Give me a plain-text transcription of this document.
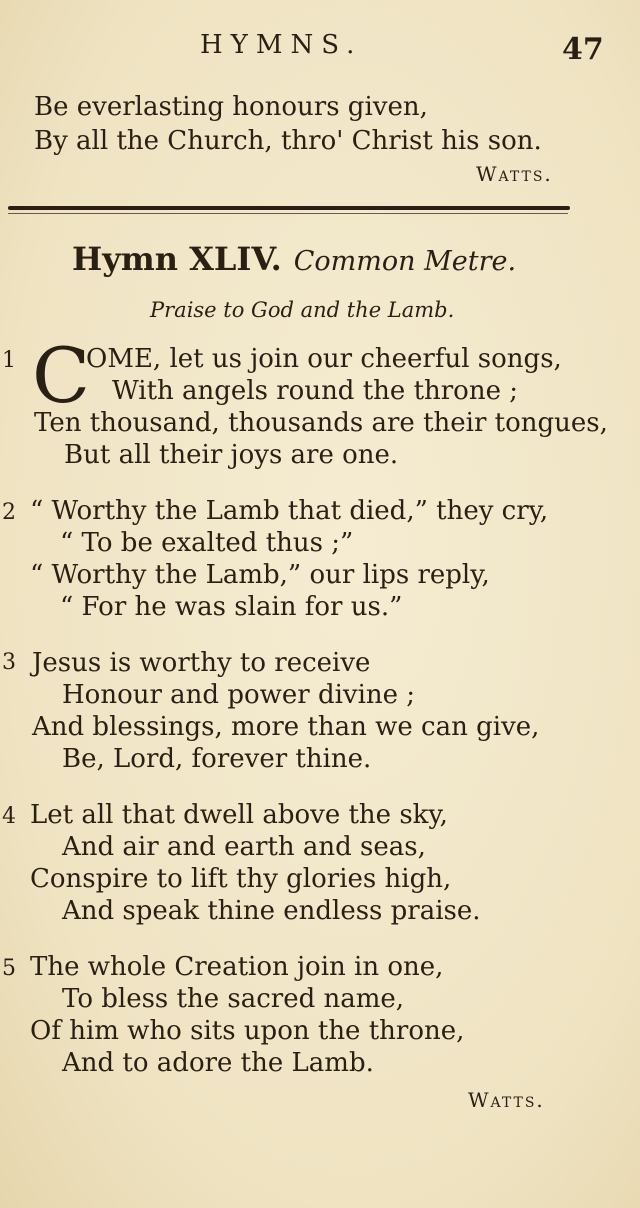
HYMNS.	47
Be everlasting honours given,
By all the Church, thro' Christ his son.
Watts.
Hymn XLIV. Common Metre.
Praise to God and the Lamb.
1 C
OME, let us join our cheerful songs,
With angels round the throne ;
Ten thousand, thousands are their tongues,
But all their joys are one.
2 “ Worthy the Lamb that died,” they cry,
“ To be exalted thus ;”
“ Worthy the Lamb,” our lips reply,
“ For he was slain for us.”
3 Jesus is worthy to receive
Honour and power divine ;
And blessings, more than we can give,
Be, Lord, forever thine.
4 Let all that dwell above the sky,
And air and earth and seas,
Conspire to lift thy glories high,
And speak thine endless praise.
5 The whole Creation join in one,
To bless the sacred name,
Of him who sits upon the throne,
And to adore the Lamb.
Watts.
